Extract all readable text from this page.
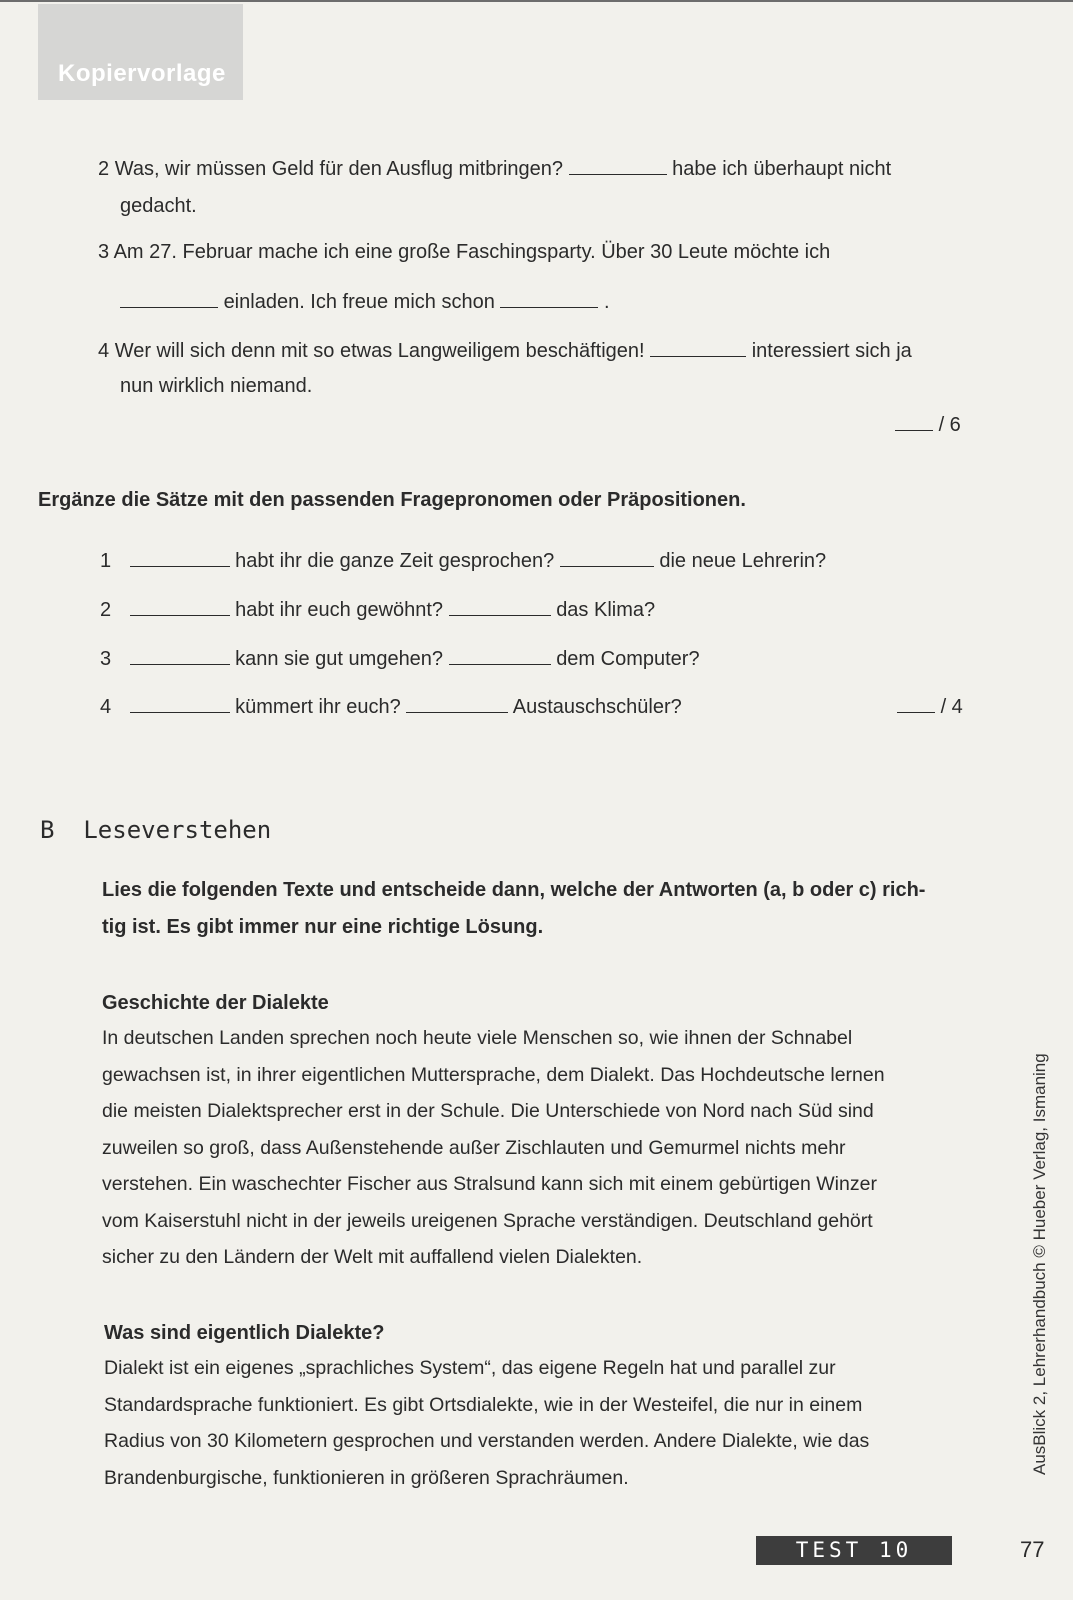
Kopiervorlage
2 Was, wir müssen Geld für den Ausflug mitbringen?	habe ich überhaupt nicht
gedacht.
3 Am 27. Februar mache ich eine große Faschingsparty. Über 30 Leute möchte ich
einladen. Ich freue mich schon	.
4 Wer will sich denn mit so etwas Langweiligem beschäftigen!	interessiert sich ja
nun wirklich niemand.
/ 6
Ergänze die Sätze mit den passenden Fragepronomen oder Präpositionen.
1	habt ihr die ganze Zeit gesprochen?	die neue Lehrerin?
2	habt ihr euch gewöhnt?	das Klima?
3	kann sie gut umgehen?	dem Computer?
4	kümmert ihr euch?	Austauschschüler?	/ 4
B Leseverstehen
Lies die folgenden Texte und entscheide dann, welche der Antworten (a, b oder c) rich-
tig ist. Es gibt immer nur eine richtige Lösung.
Geschichte der Dialekte

In deutschen Landen sprechen noch heute viele Menschen so, wie ihnen der Schnabel

gewachsen ist, in ihrer eigentlichen Muttersprache, dem Dialekt. Das Hochdeutsche lernen

die meisten Dialektsprecher erst in der Schule. Die Unterschiede von Nord nach Süd sind

zuweilen so groß, dass Außenstehende außer Zischlauten und Gemurmel nichts mehr

verstehen. Ein waschechter Fischer aus Stralsund kann sich mit einem gebürtigen Winzer

vom Kaiserstuhl nicht in der jeweils ureigenen Sprache verständigen. Deutschland gehört

sicher zu den Ländern der Welt mit auffallend vielen Dialekten.

Was sind eigentlich Dialekte?

Dialekt ist ein eigenes „sprachliches System“, das eigene Regeln hat und parallel zur

Standardsprache funktioniert. Es gibt Ortsdialekte, wie in der Westeifel, die nur in einem

Radius von 30 Kilometern gesprochen und verstanden werden. Andere Dialekte, wie das

Brandenburgische, funktionieren in größeren Sprachräumen.

AusBlick 2, Lehrerhandbuch © Hueber Verlag, Ismaning
TEST 10	77
